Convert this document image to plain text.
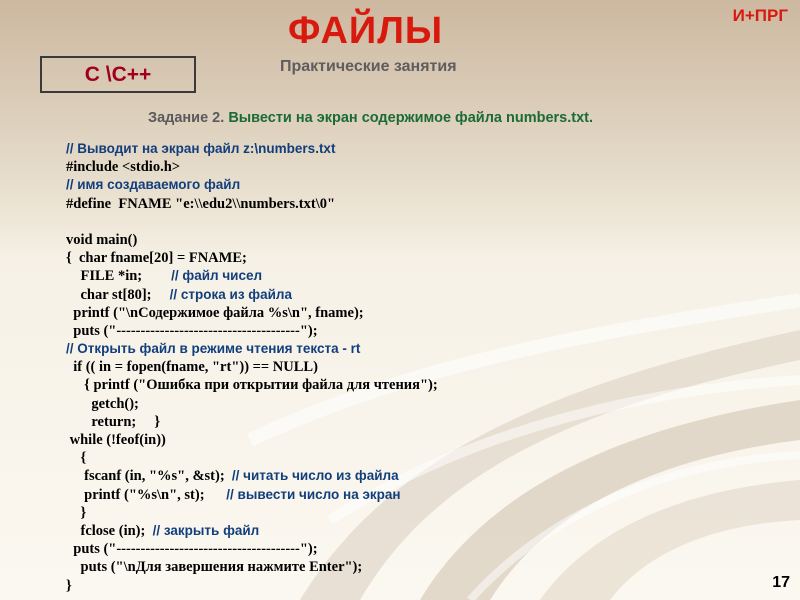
ФАЙЛЫ	И+ПРГ
C \C++	Практические занятия
Задание 2. Вывести на экран содержимое файла numbers.txt.
// Выводит на экран файл z:\numbers.txt
#include <stdio.h>
// имя создаваемого файл
#define  FNAME "e:\\edu2\\numbers.txt\0"
void main()
{  char fname[20] = FNAME;
FILE *in;        // файл чисел
char st[80];     // строка из файла
printf ("\nСодержимое файла %s\n", fname);
puts ("--------------------------------------");
// Открыть файл в режиме чтения текста - rt
if (( in = fopen(fname, "rt")) == NULL)
{ printf ("Ошибка при открытии файла для чтения");
getch();
return;     }
while (!feof(in))
{
fscanf (in, "%s", &st);  // читать число из файла
printf ("%s\n", st);      // вывести число на экран
}
fclose (in);  // закрыть файл
puts ("--------------------------------------");
puts ("\nДля завершения нажмите Enter");
}	17
